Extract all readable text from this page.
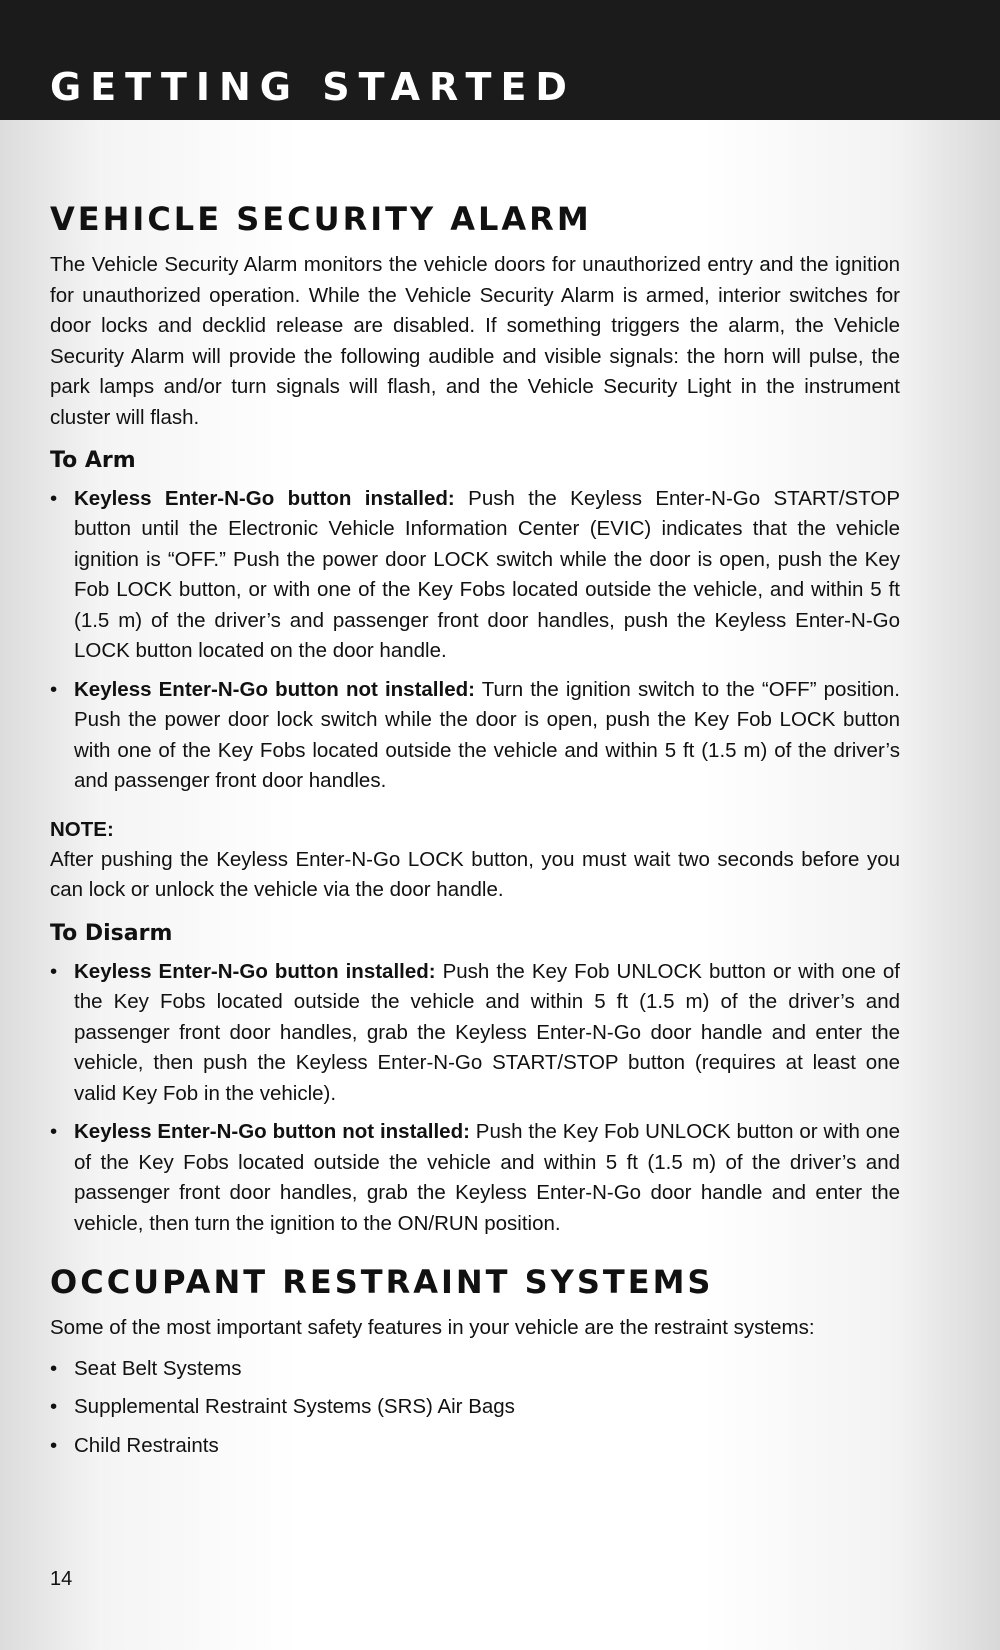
GETTING STARTED
VEHICLE SECURITY ALARM

The Vehicle Security Alarm monitors the vehicle doors for unauthorized entry and the ignition for unauthorized operation. While the Vehicle Security Alarm is armed, interior switches for door locks and decklid release are disabled. If something triggers the alarm, the Vehicle Security Alarm will provide the following audible and visible signals: the horn will pulse, the park lamps and/or turn signals will flash, and the Vehicle Security Light in the instrument cluster will flash.

To Arm
• Keyless Enter-N-Go button installed: Push the Keyless Enter-N-Go START/STOP button until the Electronic Vehicle Information Center (EVIC) indicates that the vehicle ignition is “OFF.” Push the power door LOCK switch while the door is open, push the Key Fob LOCK button, or with one of the Key Fobs located outside the vehicle, and within 5 ft (1.5 m) of the driver’s and passenger front door handles, push the Keyless Enter-N-Go LOCK button located on the door handle.
• Keyless Enter-N-Go button not installed: Turn the ignition switch to the “OFF” position. Push the power door lock switch while the door is open, push the Key Fob LOCK button with one of the Key Fobs located outside the vehicle and within 5 ft (1.5 m) of the driver’s and passenger front door handles.
NOTE:

After pushing the Keyless Enter-N-Go LOCK button, you must wait two seconds before you can lock or unlock the vehicle via the door handle.

To Disarm
• Keyless Enter-N-Go button installed: Push the Key Fob UNLOCK button or with one of the Key Fobs located outside the vehicle and within 5 ft (1.5 m) of the driver’s and passenger front door handles, grab the Keyless Enter-N-Go door handle and enter the vehicle, then push the Keyless Enter-N-Go START/STOP button (requires at least one valid Key Fob in the vehicle).
• Keyless Enter-N-Go button not installed: Push the Key Fob UNLOCK button or with one of the Key Fobs located outside the vehicle and within 5 ft (1.5 m) of the driver’s and passenger front door handles, grab the Keyless Enter-N-Go door handle and enter the vehicle, then turn the ignition to the ON/RUN position.
OCCUPANT RESTRAINT SYSTEMS

Some of the most important safety features in your vehicle are the restraint systems:

• Seat Belt Systems
• Supplemental Restraint Systems (SRS) Air Bags
• Child Restraints
14
